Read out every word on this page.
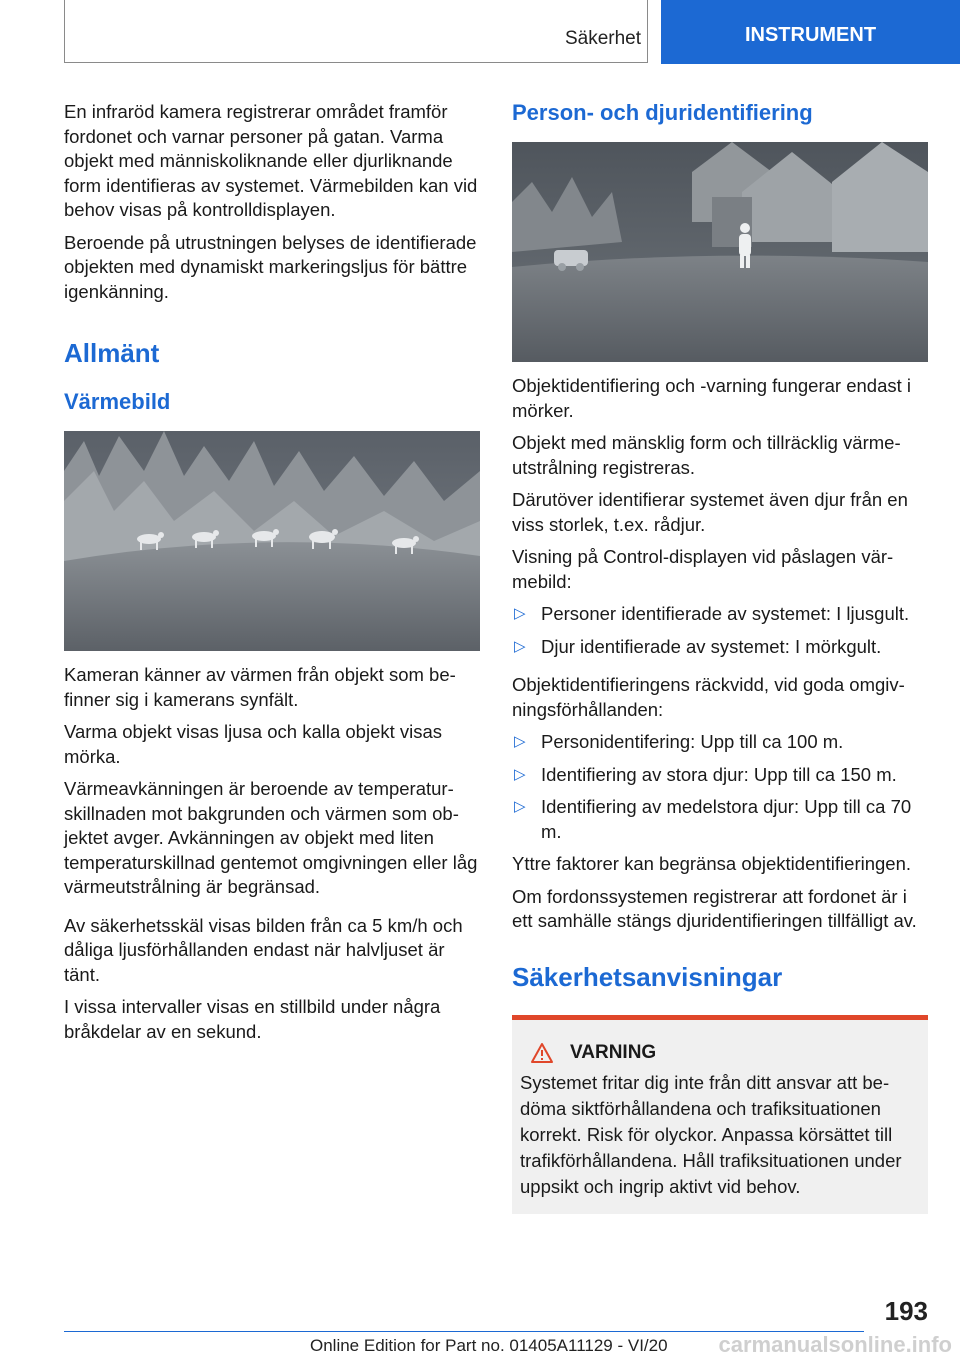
Säkerhet	INSTRUMENT

En infraröd kamera registrerar området framför fordonet och varnar personer på gatan. Varma objekt med människoliknande eller djurliknande form identifieras av systemet. Värmebilden kan vid behov visas på kontrolldisplayen.

Beroende på utrustningen belyses de identifierade objekten med dynamiskt markeringsljus för bättre igenkänning.

Allmänt
Värmebild

Kameran känner av värmen från objekt som befinner sig i kamerans synfält.

Varma objekt visas ljusa och kalla objekt visas mörka.

Värmeavkänningen är beroende av temperaturskillnaden mot bakgrunden och värmen som objektet avger. Avkänningen av objekt med liten temperaturskillnad gentemot omgivningen eller låg värmeutstrålning är begränsad.

Av säkerhetsskäl visas bilden från ca 5 km/h och dåliga ljusförhållanden endast när halvljuset är tänt.

I vissa intervaller visas en stillbild under några bråkdelar av en sekund.

Person- och djuridentifiering

Objektidentifiering och -varning fungerar endast i mörker.

Objekt med mänsklig form och tillräcklig värmeutstrålning registreras.

Därutöver identifierar systemet även djur från en viss storlek, t.ex. rådjur.

Visning på Control-displayen vid påslagen värmebild:

▷ Personer identifierade av systemet: I ljusgult.
▷ Djur identifierade av systemet: I mörkgult.

Objektidentifieringens räckvidd, vid goda omgivningsförhållanden:

▷ Personidentifering: Upp till ca 100 m.
▷ Identifiering av stora djur: Upp till ca 150 m.
▷ Identifiering av medelstora djur: Upp till ca 70 m.

Yttre faktorer kan begränsa objektidentifieringen.

Om fordonssystemen registrerar att fordonet är i ett samhälle stängs djuridentifieringen tillfälligt av.

Säkerhetsanvisningar
VARNING

Systemet fritar dig inte från ditt ansvar att bedöma siktförhållandena och trafiksituationen korrekt. Risk för olyckor. Anpassa körsättet till trafikförhållandena. Håll trafiksituationen under uppsikt och ingrip aktivt vid behov.

193
Online Edition for Part no. 01405A11129 - VI/20 carmanualsonline.info
